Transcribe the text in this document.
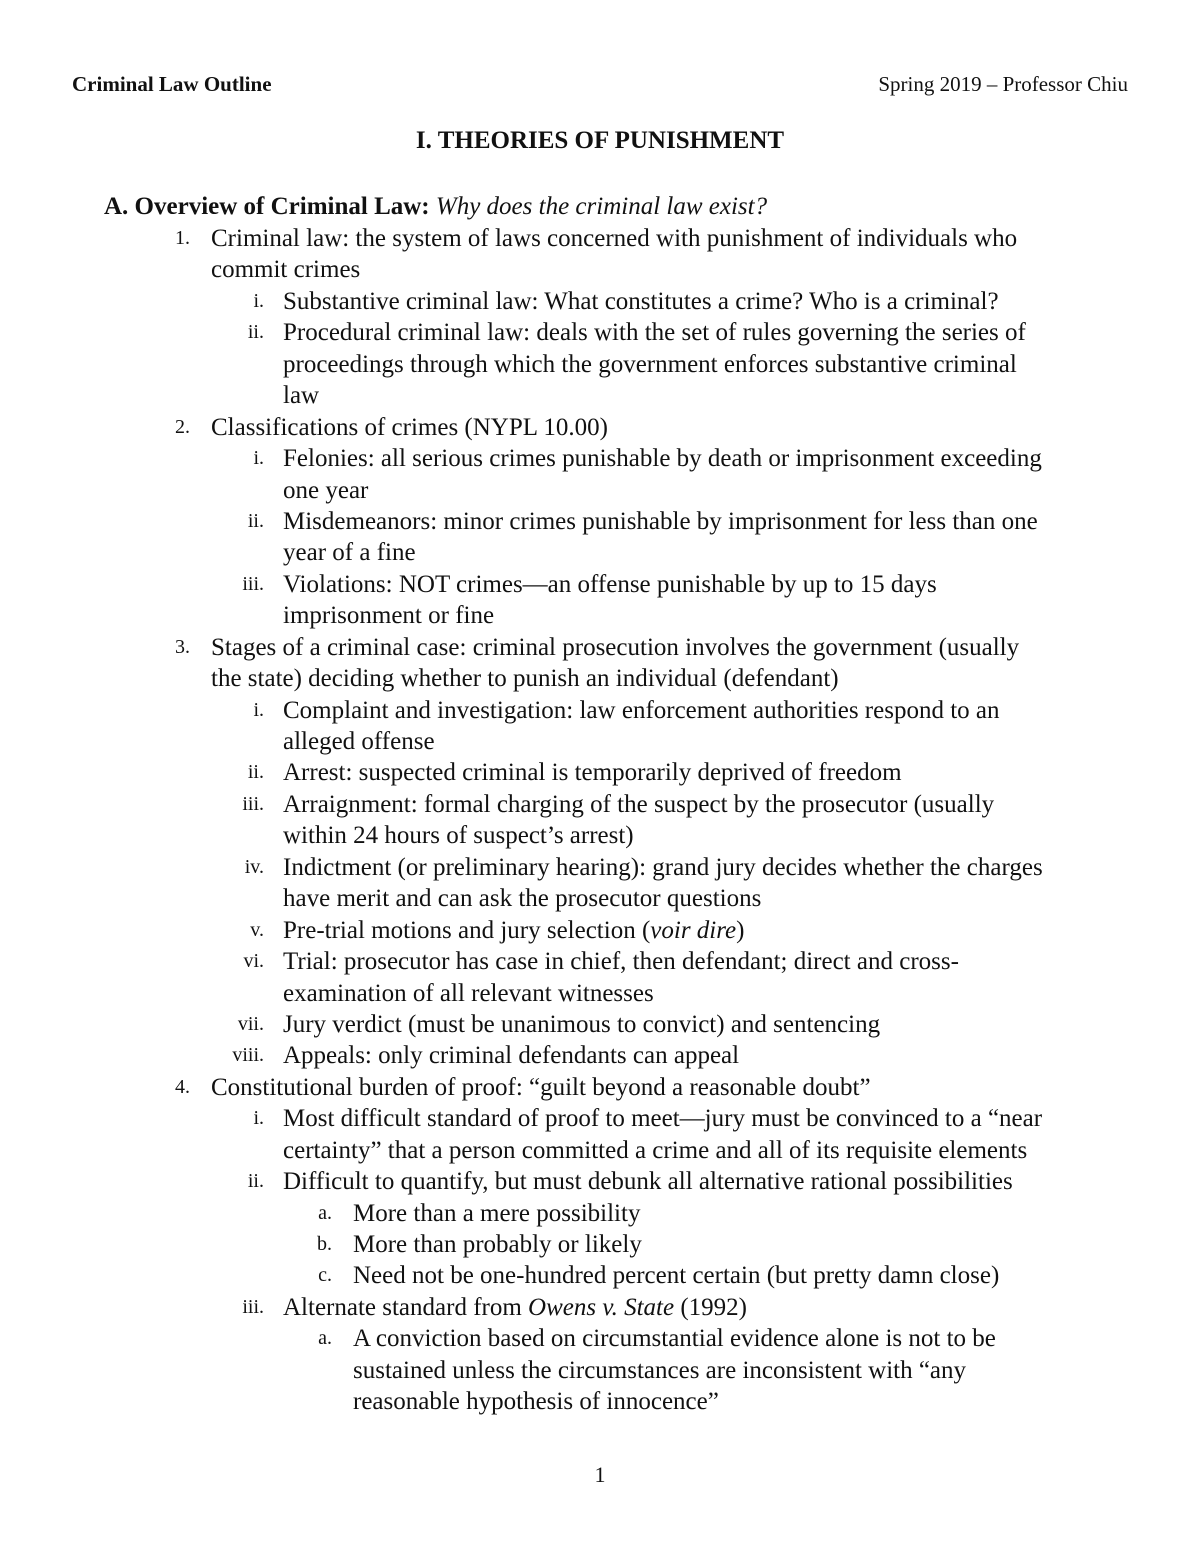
Criminal Law Outline	Spring 2019 – Professor Chiu
I. THEORIES OF PUNISHMENT
A. Overview of Criminal Law: Why does the criminal law exist?
1. Criminal law: the system of laws concerned with punishment of individuals who
commit crimes
i. Substantive criminal law: What constitutes a crime? Who is a criminal?
ii. Procedural criminal law: deals with the set of rules governing the series of
proceedings through which the government enforces substantive criminal
law
2. Classifications of crimes (NYPL 10.00)
i. Felonies: all serious crimes punishable by death or imprisonment exceeding
one year
ii. Misdemeanors: minor crimes punishable by imprisonment for less than one
year of a fine
iii. Violations: NOT crimes—an offense punishable by up to 15 days
imprisonment or fine
3. Stages of a criminal case: criminal prosecution involves the government (usually
the state) deciding whether to punish an individual (defendant)
i. Complaint and investigation: law enforcement authorities respond to an
alleged offense
ii. Arrest: suspected criminal is temporarily deprived of freedom
iii. Arraignment: formal charging of the suspect by the prosecutor (usually
within 24 hours of suspect’s arrest)
iv. Indictment (or preliminary hearing): grand jury decides whether the charges
have merit and can ask the prosecutor questions
v. Pre-trial motions and jury selection (voir dire)
vi. Trial: prosecutor has case in chief, then defendant; direct and cross-
examination of all relevant witnesses
vii. Jury verdict (must be unanimous to convict) and sentencing
viii. Appeals: only criminal defendants can appeal
4. Constitutional burden of proof: “guilt beyond a reasonable doubt”
i. Most difficult standard of proof to meet—jury must be convinced to a “near
certainty” that a person committed a crime and all of its requisite elements
ii. Difficult to quantify, but must debunk all alternative rational possibilities
a. More than a mere possibility
b. More than probably or likely
c. Need not be one-hundred percent certain (but pretty damn close)
iii. Alternate standard from Owens v. State (1992)
a. A conviction based on circumstantial evidence alone is not to be
sustained unless the circumstances are inconsistent with “any
reasonable hypothesis of innocence”
1
